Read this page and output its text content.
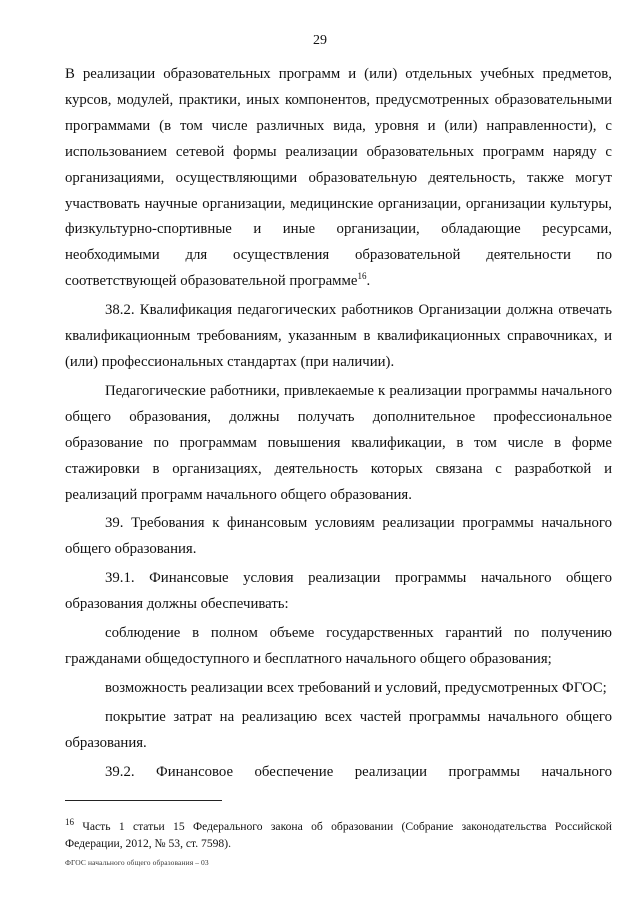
29

В реализации образовательных программ и (или) отдельных учебных предметов, курсов, модулей, практики, иных компонентов, предусмотренных образовательными программами (в том числе различных вида, уровня и (или) направленности), с использованием сетевой формы реализации образовательных программ наряду с организациями, осуществляющими образовательную деятельность, также могут участвовать научные организации, медицинские организации, организации культуры, физкультурно-спортивные и иные организации, обладающие ресурсами, необходимыми для осуществления образовательной деятельности по соответствующей образовательной программе$^{16}$.

38.2. Квалификация педагогических работников Организации должна отвечать квалификационным требованиям, указанным в квалификационных справочниках, и (или) профессиональных стандартах (при наличии).

Педагогические работники, привлекаемые к реализации программы начального общего образования, должны получать дополнительное профессиональное образование по программам повышения квалификации, в том числе в форме стажировки в организациях, деятельность которых связана с разработкой и реализаций программ начального общего образования.

39. Требования к финансовым условиям реализации программы начального общего образования.

39.1. Финансовые условия реализации программы начального общего образования должны обеспечивать:

соблюдение в полном объеме государственных гарантий по получению гражданами общедоступного и бесплатного начального общего образования;

возможность реализации всех требований и условий, предусмотренных ФГОС;

покрытие затрат на реализацию всех частей программы начального общего образования.

39.2. Финансовое обеспечение реализации программы начального

$^{16}$ Часть 1 статьи 15 Федерального закона об образовании (Собрание законодательства Российской Федерации, 2012, № 53, ст. 7598).
ФГОС начального общего образования – 03
